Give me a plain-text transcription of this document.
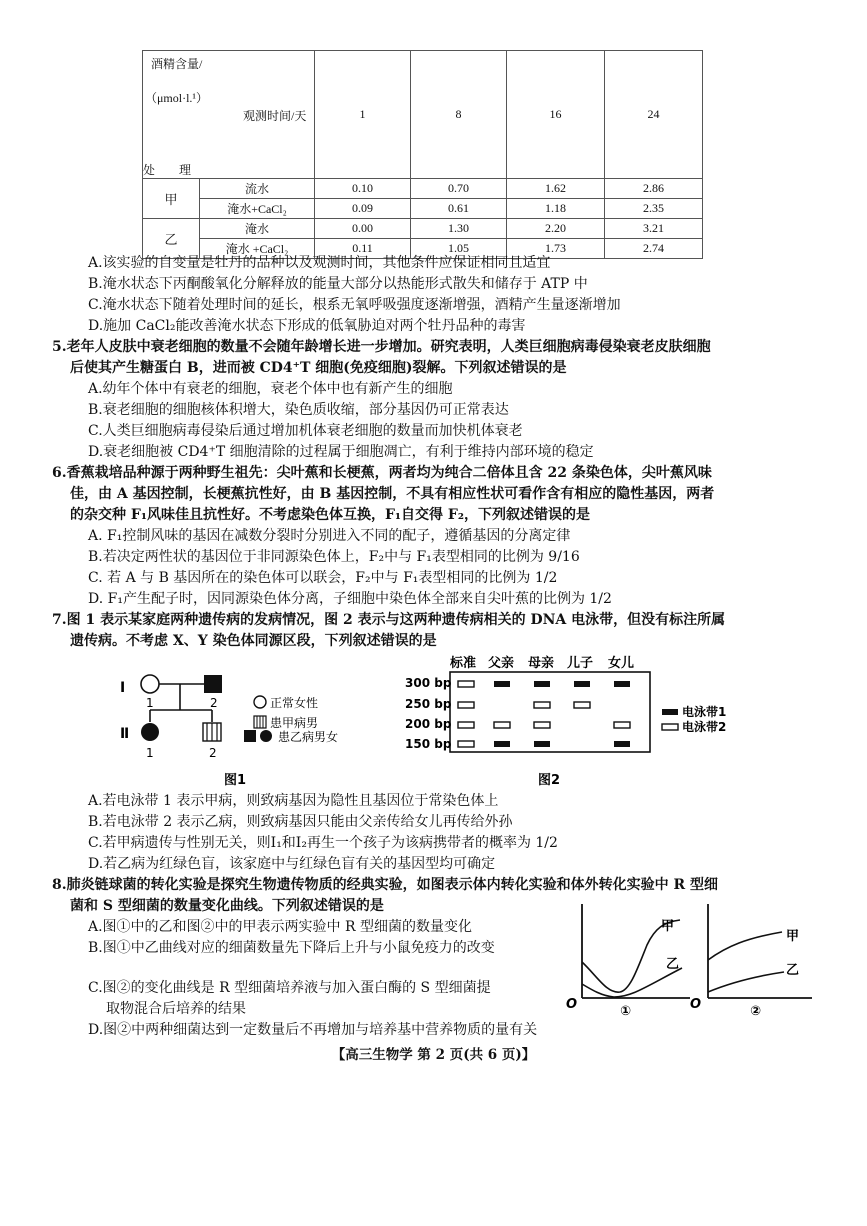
酒精含量/
（μmol·l.¹）
观测时间/天
处　　理		1	8	16	24
甲	流水	0.10	0.70	1.62	2.86
	淹水+CaCl₂	0.09	0.61	1.18	2.35
乙	淹水	0.00	1.30	2.20	3.21
	淹水 +CaCl₂	0.11	1.05	1.73	2.74
A.该实验的自变量是牡丹的品种以及观测时间，其他条件应保证相同且适宜
B.淹水状态下丙酮酸氧化分解释放的能量大部分以热能形式散失和储存于 ATP 中
C.淹水状态下随着处理时间的延长，根系无氧呼吸强度逐渐增强，酒精产生量逐渐增加
D.施加 CaCl₂能改善淹水状态下形成的低氧胁迫对两个牡丹品种的毒害
5.老年人皮肤中衰老细胞的数量不会随年龄增长进一步增加。研究表明，人类巨细胞病毒侵染衰老皮肤细胞
后使其产生糖蛋白 B，进而被 CD4⁺T 细胞(免疫细胞)裂解。下列叙述错误的是
A.幼年个体中有衰老的细胞，衰老个体中也有新产生的细胞
B.衰老细胞的细胞核体积增大，染色质收缩，部分基因仍可正常表达
C.人类巨细胞病毒侵染后通过增加机体衰老细胞的数量而加快机体衰老
D.衰老细胞被 CD4⁺T 细胞清除的过程属于细胞凋亡，有利于维持内部环境的稳定
6.香蕉栽培品种源于两种野生祖先：尖叶蕉和长梗蕉，两者均为纯合二倍体且含 22 条染色体，尖叶蕉风味
佳，由 A 基因控制，长梗蕉抗性好，由 B 基因控制，不具有相应性状可看作含有相应的隐性基因，两者
的杂交种 F₁风味佳且抗性好。不考虑染色体互换，F₁自交得 F₂，下列叙述错误的是
A. F₁控制风味的基因在减数分裂时分别进入不同的配子，遵循基因的分离定律
B.若决定两性状的基因位于非同源染色体上，F₂中与 F₁表型相同的比例为 9/16
C. 若 A 与 B 基因所在的染色体可以联会，F₂中与 F₁表型相同的比例为 1/2
D. F₁产生配子时，因同源染色体分离，子细胞中染色体全部来自尖叶蕉的比例为 1/2
7.图 1 表示某家庭两种遗传病的发病情况，图 2 表示与这两种遗传病相关的 DNA 电泳带，但没有标注所属
遗传病。不考虑 X、Y 染色体同源区段，下列叙述错误的是
Ⅰ
1	2
Ⅱ
1	2
正常女性
患甲病男
患乙病男女
图1
标准 父亲 母亲 儿子 女儿
300 bp
250 bp
200 bp
150 bp
电泳带1
电泳带2
图2
A.若电泳带 1 表示甲病，则致病基因为隐性且基因位于常染色体上
B.若电泳带 2 表示乙病，则致病基因只能由父亲传给女儿再传给外孙
C.若甲病遗传与性别无关，则Ⅰ₁和Ⅰ₂再生一个孩子为该病携带者的概率为 1/2
D.若乙病为红绿色盲，该家庭中与红绿色盲有关的基因型均可确定
8.肺炎链球菌的转化实验是探究生物遗传物质的经典实验，如图表示体内转化实验和体外转化实验中 R 型细
菌和 S 型细菌的数量变化曲线。下列叙述错误的是
A.图①中的乙和图②中的甲表示两实验中 R 型细菌的数量变化
B.图①中乙曲线对应的细菌数量先下降后上升与小鼠免疫力的改变
C.图②的变化曲线是 R 型细菌培养液与加入蛋白酶的 S 型细菌提
取物混合后培养的结果
D.图②中两种细菌达到一定数量后不再增加与培养基中营养物质的量有关
甲
乙
O	①
甲
乙
O	②
【高三生物学 第 2 页(共 6 页)】
